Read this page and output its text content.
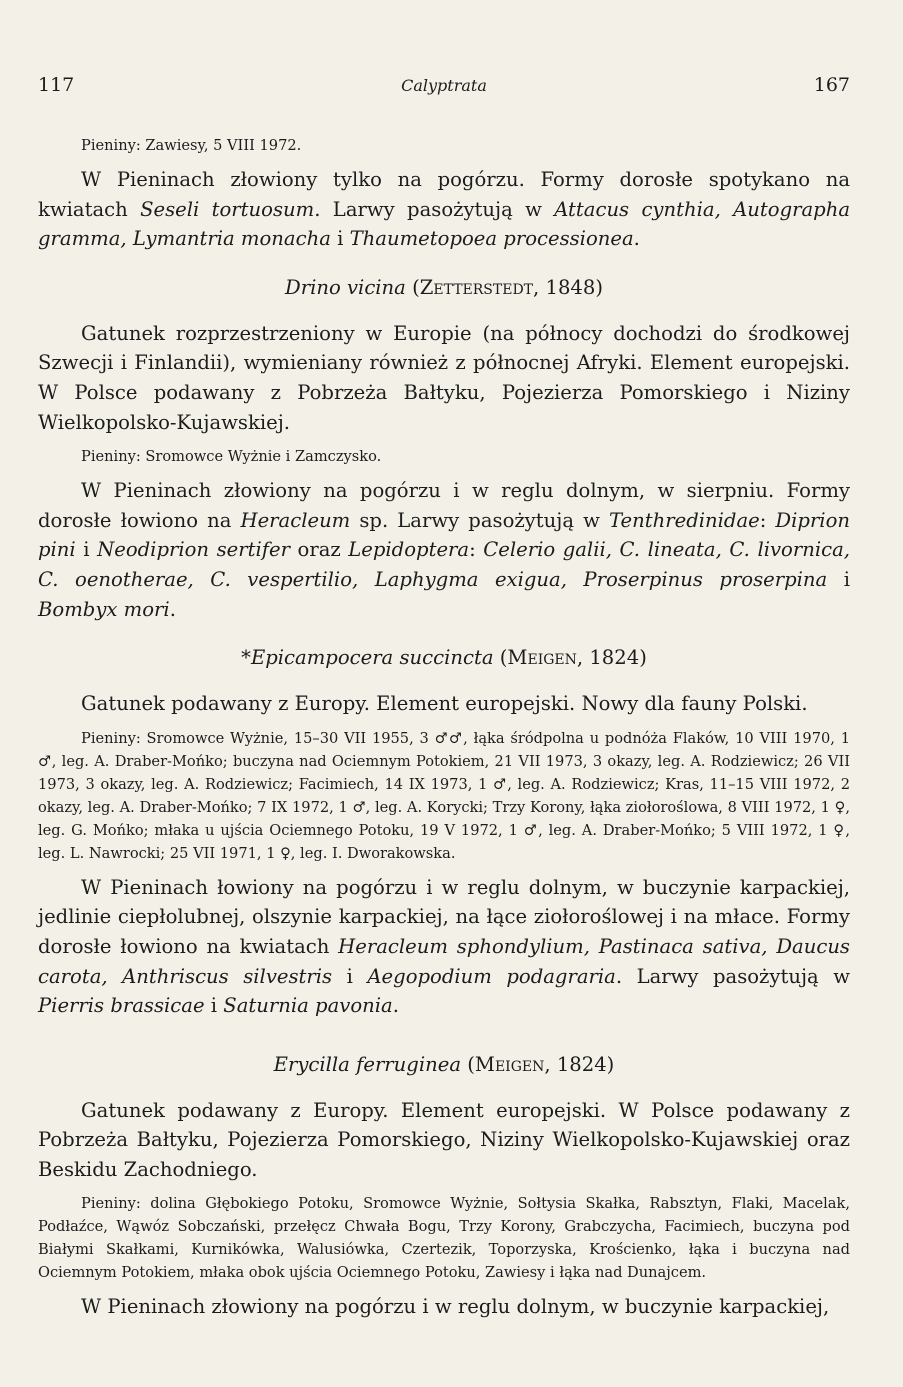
117	Calyptrata	167

Pieniny: Zawiesy, 5 VIII 1972.

W Pieninach złowiony tylko na pogórzu. Formy dorosłe spotykano na kwiatach Seseli tortuosum. Larwy pasożytują w Attacus cynthia, Autographa gramma, Lymantria monacha i Thaumetopoea processionea.

Drino vicina (Zetterstedt, 1848)

Gatunek rozprzestrzeniony w Europie (na północy dochodzi do środkowej Szwecji i Finlandii), wymieniany również z północnej Afryki. Element europejski. W Polsce podawany z Pobrzeża Bałtyku, Pojezierza Pomorskiego i Niziny Wielkopolsko-Kujawskiej.

Pieniny: Sromowce Wyżnie i Zamczysko.

W Pieninach złowiony na pogórzu i w reglu dolnym, w sierpniu. Formy dorosłe łowiono na Heracleum sp. Larwy pasożytują w Tenthredinidae: Diprion pini i Neodiprion sertifer oraz Lepidoptera: Celerio galii, C. lineata, C. livornica, C. oenotherae, C. vespertilio, Laphygma exigua, Proserpinus proserpina i Bombyx mori.

*Epicampocera succincta (Meigen, 1824)

Gatunek podawany z Europy. Element europejski. Nowy dla fauny Polski.

Pieniny: Sromowce Wyżnie, 15–30 VII 1955, 3 ♂♂, łąka śródpolna u podnóża Flaków, 10 VIII 1970, 1 ♂, leg. A. Draber-Mońko; buczyna nad Ociemnym Potokiem, 21 VII 1973, 3 okazy, leg. A. Rodziewicz; 26 VII 1973, 3 okazy, leg. A. Rodziewicz; Facimiech, 14 IX 1973, 1 ♂, leg. A. Rodziewicz; Kras, 11–15 VIII 1972, 2 okazy, leg. A. Draber-Mońko; 7 IX 1972, 1 ♂, leg. A. Korycki; Trzy Korony, łąka ziołoroślowa, 8 VIII 1972, 1 ♀, leg. G. Mońko; młaka u ujścia Ociemnego Potoku, 19 V 1972, 1 ♂, leg. A. Draber-Mońko; 5 VIII 1972, 1 ♀, leg. L. Nawrocki; 25 VII 1971, 1 ♀, leg. I. Dworakowska.

W Pieninach łowiony na pogórzu i w reglu dolnym, w buczynie karpackiej, jedlinie ciepłolubnej, olszynie karpackiej, na łące ziołoroślowej i na młace. Formy dorosłe łowiono na kwiatach Heracleum sphondylium, Pastinaca sativa, Daucus carota, Anthriscus silvestris i Aegopodium podagraria. Larwy pasożytują w Pierris brassicae i Saturnia pavonia.

Erycilla ferruginea (Meigen, 1824)

Gatunek podawany z Europy. Element europejski. W Polsce podawany z Pobrzeża Bałtyku, Pojezierza Pomorskiego, Niziny Wielkopolsko-Kujawskiej oraz Beskidu Zachodniego.

Pieniny: dolina Głębokiego Potoku, Sromowce Wyżnie, Sołtysia Skałka, Rabsztyn, Flaki, Macelak, Podłaźce, Wąwóz Sobczański, przełęcz Chwała Bogu, Trzy Korony, Grabczycha, Facimiech, buczyna pod Białymi Skałkami, Kurnikówka, Walusiówka, Czertezik, Toporzyska, Krościenko, łąka i buczyna nad Ociemnym Potokiem, młaka obok ujścia Ociemnego Potoku, Zawiesy i łąka nad Dunajcem.

W Pieninach złowiony na pogórzu i w reglu dolnym, w buczynie karpackiej,
